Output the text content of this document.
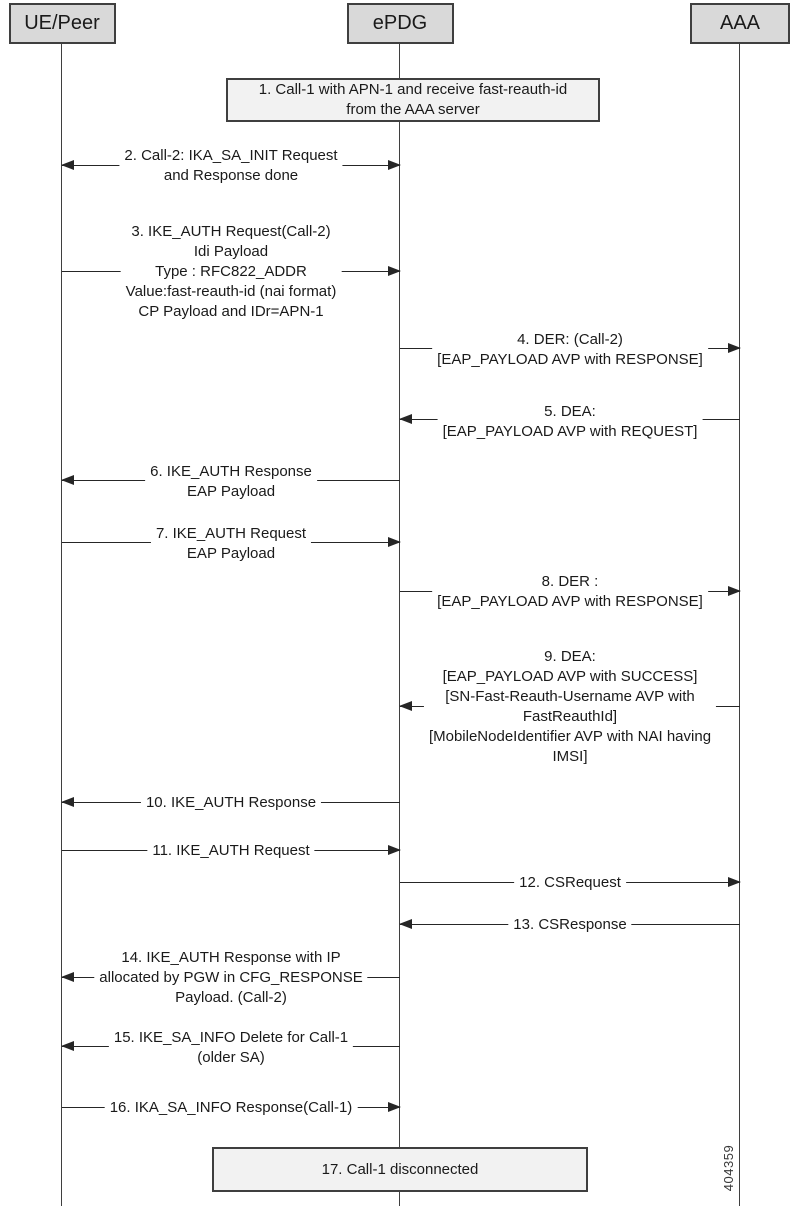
UE/Peer	ePDG	AAA
2. Call-2: IKA_SA_INIT Request
and Response done
3. IKE_AUTH Request(Call-2)
Idi Payload
Type : RFC822_ADDR
Value:fast-reauth-id (nai format)
CP Payload and IDr=APN-1
4. DER: (Call-2)
[EAP_PAYLOAD AVP with RESPONSE]
5. DEA:
[EAP_PAYLOAD AVP with REQUEST]
6. IKE_AUTH Response
EAP Payload
7. IKE_AUTH Request
EAP Payload
8. DER :
[EAP_PAYLOAD AVP with RESPONSE]
9. DEA:
[EAP_PAYLOAD AVP with SUCCESS]
[SN-Fast-Reauth-Username AVP with
FastReauthId]
[MobileNodeIdentifier AVP with NAI having
IMSI]
10. IKE_AUTH Response
11. IKE_AUTH Request
12. CSRequest
13. CSResponse
14. IKE_AUTH Response with IP
allocated by PGW in CFG_RESPONSE
Payload. (Call-2)
15. IKE_SA_INFO Delete for Call-1
(older SA)
16. IKA_SA_INFO Response(Call-1)
1. Call-1 with APN-1 and receive fast-reauth-id
from the AAA server
17. Call-1 disconnected	404359
